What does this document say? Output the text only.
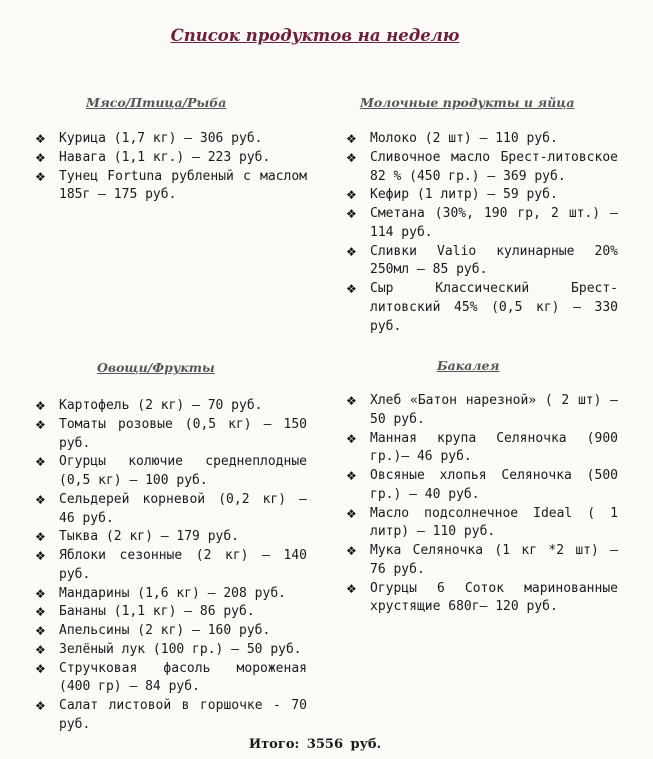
Список продуктов на неделю
Мясо/Птица/Рыба
❖ Курица (1,7 кг) – 306 руб.
❖ Навага (1,1 кг.) – 223 руб.
❖ Тунец Fortuna рубленый с маслом 185г – 175 руб.
Молочные продукты и яйца
❖ Молоко (2 шт) – 110 руб.
❖ Сливочное масло Брест-литовское 82 % (450 гр.) – 369 руб.
❖ Кефир (1 литр) – 59 руб.
❖ Сметана (30%, 190 гр, 2 шт.) – 114 руб.
❖ Сливки Valio кулинарные 20% 250мл – 85 руб.
❖ Сыр Классический Брест-литовский 45% (0,5 кг) – 330 руб.
Овощи/Фрукты
❖ Картофель (2 кг) – 70 руб.
❖ Томаты розовые (0,5 кг) – 150 руб.
❖ Огурцы колючие среднеплодные (0,5 кг) – 100 руб.
❖ Сельдерей корневой (0,2 кг) – 46 руб.
❖ Тыква (2 кг) – 179 руб.
❖ Яблоки сезонные (2 кг) – 140 руб.
❖ Мандарины (1,6 кг) – 208 руб.
❖ Бананы (1,1 кг) – 86 руб.
❖ Апельсины (2 кг) – 160 руб.
❖ Зелёный лук (100 гр.) – 50 руб.
❖ Стручковая фасоль мороженая (400 гр) – 84 руб.
❖ Салат листовой в горшочке - 70 руб.
Бакалея
❖ Хлеб «Батон нарезной» ( 2 шт) – 50 руб.
❖ Манная крупа Селяночка (900 гр.)– 46 руб.
❖ Овсяные хлопья Селяночка (500 гр.) – 40 руб.
❖ Масло подсолнечное Ideal ( 1 литр) – 110 руб.
❖ Мука Селяночка (1 кг *2 шт) – 76 руб.
❖ Огурцы 6 Соток маринованные хрустящие 680г– 120 руб.
Итого: 3556 руб.
